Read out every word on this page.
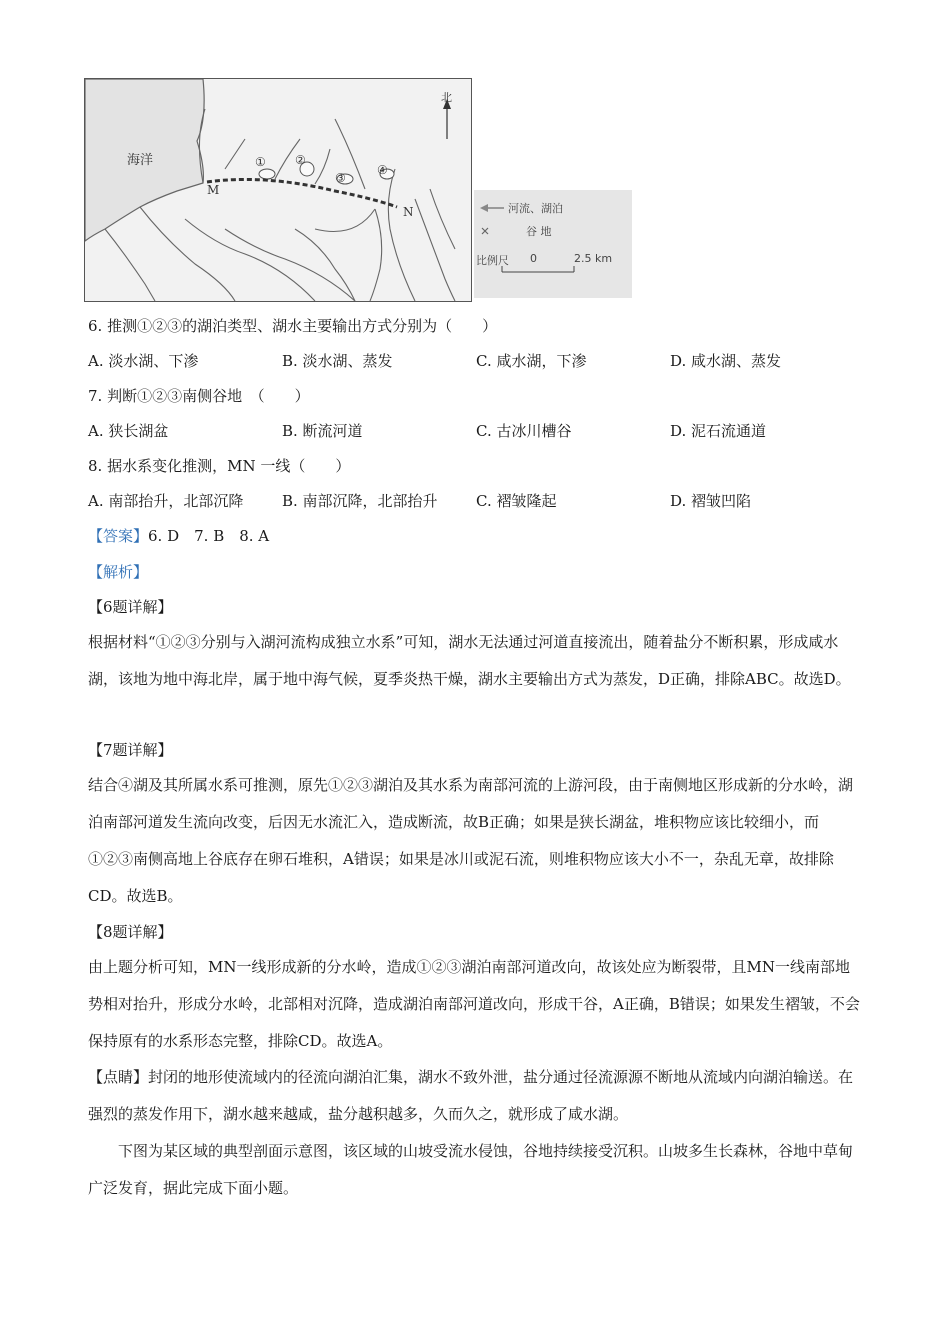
海洋
北
M
N
① ②
③
④
河流、湖泊
谷 地
比例尺 0	2.5 km
6. 推测①②③的湖泊类型、湖水主要输出方式分别为（　　）
A. 淡水湖、下渗	B. 淡水湖、蒸发	C. 咸水湖，下渗	D. 咸水湖、蒸发
7. 判断①②③南侧谷地　（　　）
A. 狭长湖盆	B. 断流河道	C. 古冰川槽谷	D. 泥石流通道
8. 据水系变化推测，MN 一线（　　）
A. 南部抬升，北部沉降	B. 南部沉降，北部抬升	C. 褶皱隆起	D. 褶皱凹陷
【答案】6. D　7. B　8. A
【解析】
【6题详解】

根据材料“①②③分别与入湖河流构成独立水系”可知，湖水无法通过河道直接流出，随着盐分不断积累，形成咸水湖，该地为地中海北岸，属于地中海气候，夏季炎热干燥，湖水主要输出方式为蒸发，D正确，排除ABC。故选D。

【7题详解】

结合④湖及其所属水系可推测，原先①②③湖泊及其水系为南部河流的上游河段，由于南侧地区形成新的分水岭，湖泊南部河道发生流向改变，后因无水流汇入，造成断流，故B正确；如果是狭长湖盆，堆积物应该比较细小，而①②③南侧高地上谷底存在卵石堆积，A错误；如果是冰川或泥石流，则堆积物应该大小不一，杂乱无章，故排除CD。故选B。

【8题详解】

由上题分析可知，MN一线形成新的分水岭，造成①②③湖泊南部河道改向，故该处应为断裂带，且MN一线南部地势相对抬升，形成分水岭，北部相对沉降，造成湖泊南部河道改向，形成干谷，A正确，B错误；如果发生褶皱，不会保持原有的水系形态完整，排除CD。故选A。

【点睛】封闭的地形使流域内的径流向湖泊汇集，湖水不致外泄，盐分通过径流源源不断地从流域内向湖泊输送。在强烈的蒸发作用下，湖水越来越咸，盐分越积越多，久而久之，就形成了咸水湖。

下图为某区域的典型剖面示意图，该区域的山坡受流水侵蚀，谷地持续接受沉积。山坡多生长森林，谷地中草甸广泛发育，据此完成下面小题。
